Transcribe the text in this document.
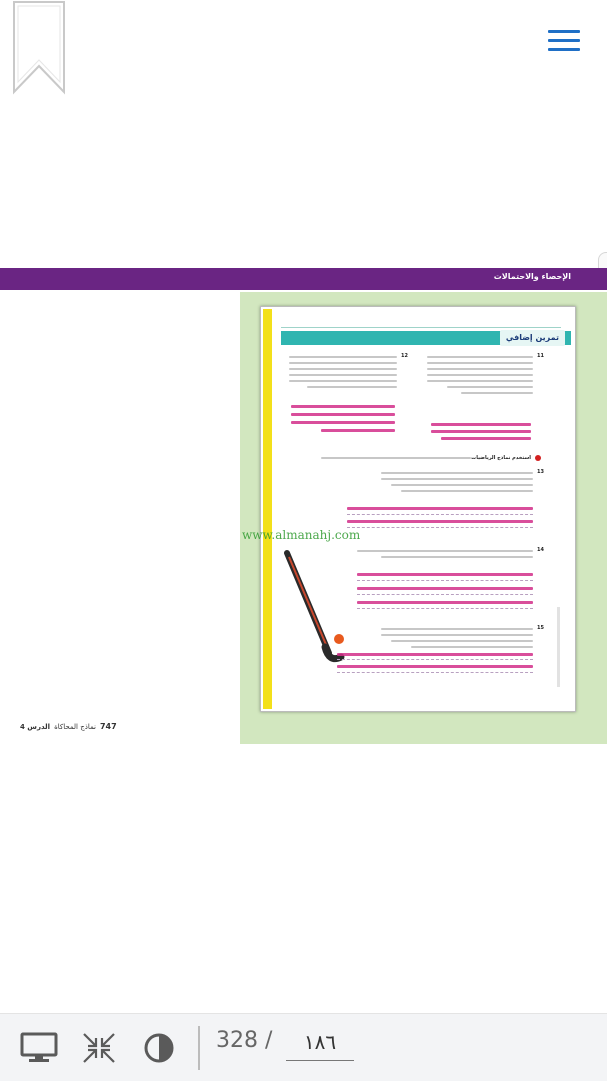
الإحصاء والاحتمالات
747
نماذج المحاكاة
الدرس 4
تمرين إضافي
11
12
استخدم نماذج الرياضيات
13
14
15
www.almanahj.com
328 /
١٨٦
